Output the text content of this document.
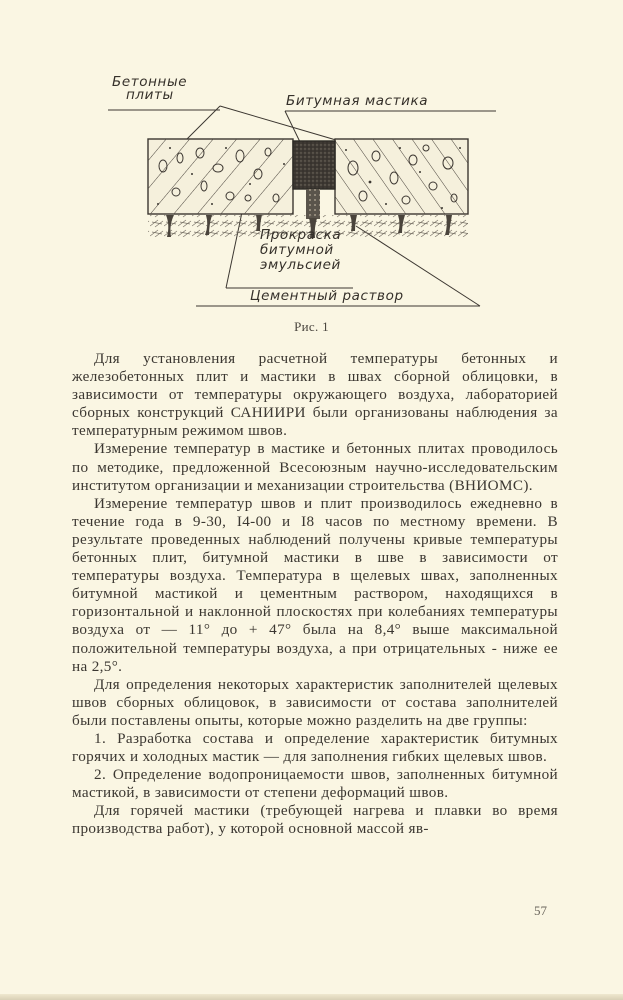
Бетонные
плиты	Битумная мастика
Прокраска
битумной
эмульсией
Цементный раствор
Рис. 1

Для установления расчетной температуры бетонных и железобетонных плит и мастики в швах сборной облицовки, в зависимости от температуры окружающего воздуха, лабораторией сборных конструкций САНИИРИ были организованы наблюдения за температурным режимом швов.

Измерение температур в мастике и бетонных плитах проводилось по методике, предложенной Всесоюзным научно-исследовательским институтом организации и механизации строительства (ВНИОМС).

Измерение температур швов и плит производилось ежедневно в течение года в 9-30, I4-00 и I8 часов по местному времени. В результате проведенных наблюдений получены кривые температуры бетонных плит, битумной мастики в шве в зависимости от температуры воздуха. Температура в щелевых швах, заполненных битумной мастикой и цементным раствором, находящихся в горизонтальной и наклонной плоскостях при колебаниях температуры воздуха от — 11° до + 47° была на 8,4° выше максимальной положительной температуры воздуха, а при отрицательных - ниже ее на 2,5°.

Для определения некоторых характеристик заполнителей щелевых швов сборных облицовок, в зависимости от состава заполнителей были поставлены опыты, которые можно разделить на две группы:

1. Разработка состава и определение характеристик битумных горячих и холодных мастик — для заполнения гибких щелевых швов.

2. Определение водопроницаемости швов, заполненных битумной мастикой, в зависимости от степени деформаций швов.

Для горячей мастики (требующей нагрева и плавки во время производства работ), у которой основной массой яв-

57
